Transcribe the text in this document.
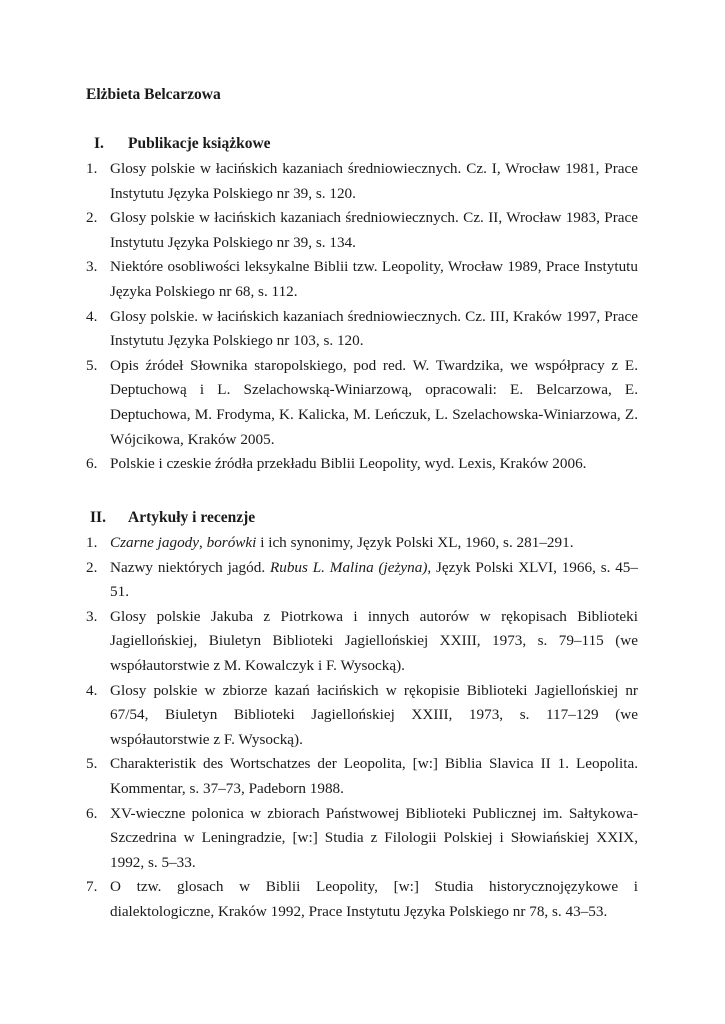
Elżbieta Belcarzowa
I.	Publikacje książkowe
1. Glosy polskie w łacińskich kazaniach średniowiecznych. Cz. I, Wrocław 1981, Prace Instytutu Języka Polskiego nr 39, s. 120.
2. Glosy polskie w łacińskich kazaniach średniowiecznych. Cz. II, Wrocław 1983, Prace Instytutu Języka Polskiego nr 39, s. 134.
3. Niektóre osobliwości leksykalne Biblii tzw. Leopolity, Wrocław 1989, Prace Instytutu Języka Polskiego nr 68, s. 112.
4. Glosy polskie. w łacińskich kazaniach średniowiecznych. Cz. III, Kraków 1997, Prace Instytutu Języka Polskiego nr 103, s. 120.
5. Opis źródeł Słownika staropolskiego, pod red. W. Twardzika, we współpracy z E. Deptuchową i L. Szelachowską-Winiarzową, opracowali: E. Belcarzowa, E. Deptuchowa, M. Frodyma, K. Kalicka, M. Leńczuk, L. Szelachowska-Winiarzowa, Z. Wójcikowa, Kraków 2005.
6. Polskie i czeskie źródła przekładu Biblii Leopolity, wyd. Lexis, Kraków 2006.
II.	Artykuły i recenzje
1. Czarne jagody, borówki i ich synonimy, Język Polski XL, 1960, s. 281–291.
2. Nazwy niektórych jagód. Rubus L. Malina (jeżyna), Język Polski XLVI, 1966, s. 45–51.
3. Glosy polskie Jakuba z Piotrkowa i innych autorów w rękopisach Biblioteki Jagiellońskiej, Biuletyn Biblioteki Jagiellońskiej XXIII, 1973, s. 79–115 (we współautorstwie z M. Kowalczyk i F. Wysocką).
4. Glosy polskie w zbiorze kazań łacińskich w rękopisie Biblioteki Jagiellońskiej nr 67/54, Biuletyn Biblioteki Jagiellońskiej XXIII, 1973, s. 117–129 (we współautorstwie z F. Wysocką).
5. Charakteristik des Wortschatzes der Leopolita, [w:] Biblia Slavica II 1. Leopolita. Kommentar, s. 37–73, Padeborn 1988.
6. XV-wieczne polonica w zbiorach Państwowej Biblioteki Publicznej im. Sałtykowa-Szczedrina w Leningradzie, [w:] Studia z Filologii Polskiej i Słowiańskiej XXIX, 1992, s. 5–33.
7. O tzw. glosach w Biblii Leopolity, [w:] Studia historycznojęzykowe i dialektologiczne, Kraków 1992, Prace Instytutu Języka Polskiego nr 78, s. 43–53.
